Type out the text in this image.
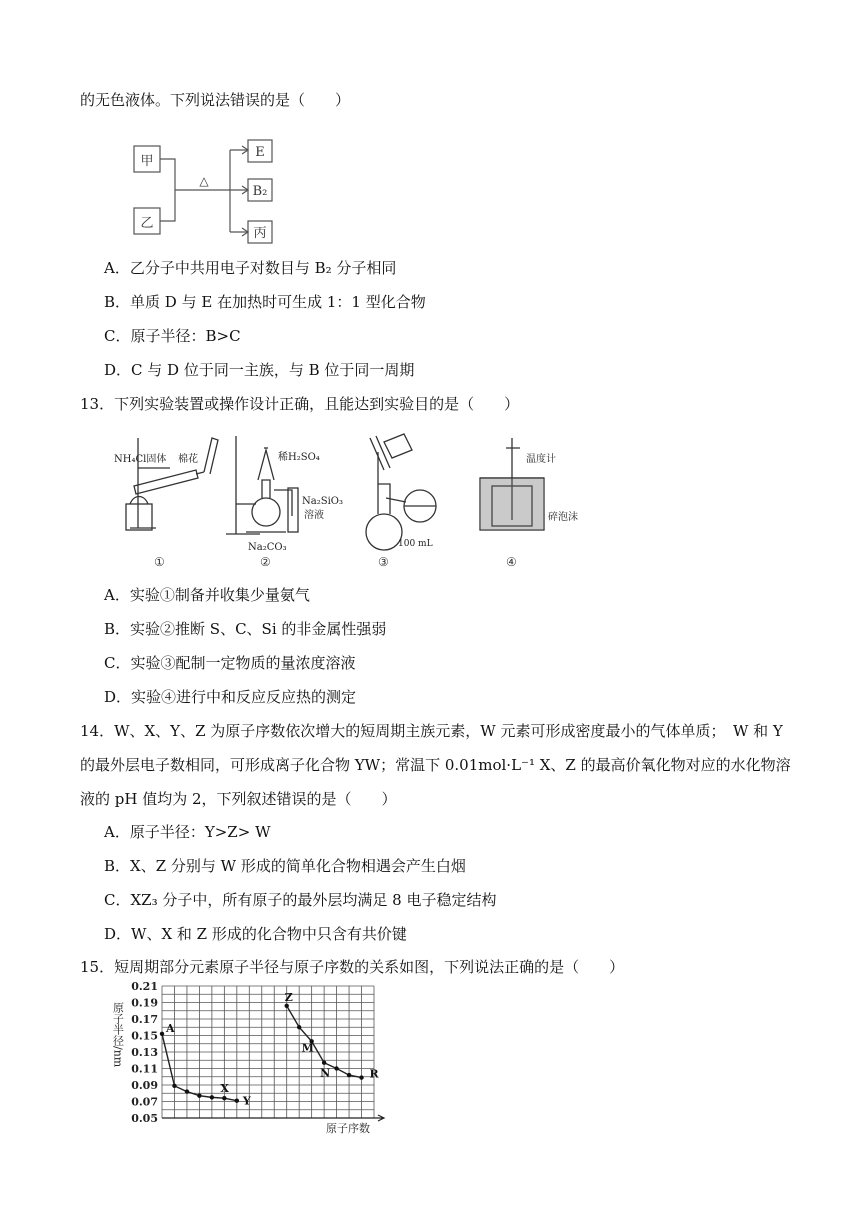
的无色液体。下列说法错误的是（　　）
甲
乙
△
E
B₂
丙
A．乙分子中共用电子对数目与 B₂ 分子相同
B．单质 D 与 E 在加热时可生成 1：1 型化合物
C．原子半径：B>C
D．C 与 D 位于同一主族，与 B 位于同一周期
13．下列实验装置或操作设计正确，且能达到实验目的是（　　）
NH₄Cl固体 棉花	稀H₂SO₄
Na₂SiO₃
溶液
Na₂CO₃	100 mL
温度计
碎泡沫
①	②	③	④
A．实验①制备并收集少量氨气
B．实验②推断 S、C、Si 的非金属性强弱
C．实验③配制一定物质的量浓度溶液
D．实验④进行中和反应反应热的测定
14．W、X、Y、Z 为原子序数依次增大的短周期主族元素，W 元素可形成密度最小的气体单质；　W 和 Y
的最外层电子数相同，可形成离子化合物 YW；常温下 0.01mol·L⁻¹ X、Z 的最高价氧化物对应的水化物溶
液的 pH 值均为 2，下列叙述错误的是（　　）
A．原子半径：Y>Z> W
B．X、Z 分别与 W 形成的简单化合物相遇会产生白烟
C．XZ₃ 分子中，所有原子的最外层均满足 8 电子稳定结构
D．W、X 和 Z 形成的化合物中只含有共价键
15．短周期部分元素原子半径与原子序数的关系如图，下列说法正确的是（　　）
0.21
0.19
0.17
0.15
0.13
0.11
0.09
0.07
0.05
A
X
Y
Z
M
N	R
原子半径/nm
原子序数
